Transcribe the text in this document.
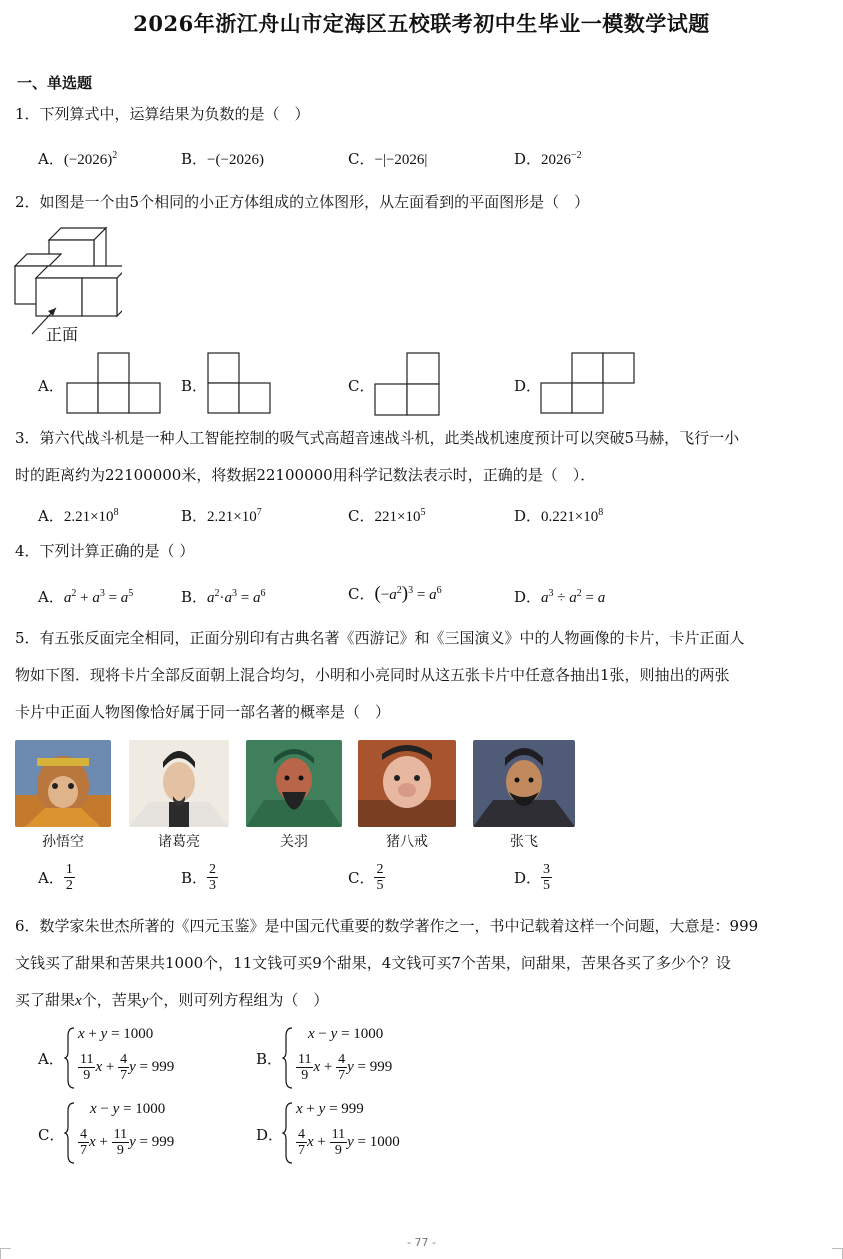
2026年浙江舟山市定海区五校联考初中生毕业一模数学试题
一、单选题
1．下列算式中，运算结果为负数的是（　）
A．$(-2026)^2$	B．−(−2026)	C．−|−2026|	D．$2026^{-2}$
2．如图是一个由5个相同的小正方体组成的立体图形，从左面看到的平面图形是（　）
正面
A．	B．	C．	D．
3．第六代战斗机是一种人工智能控制的吸气式高超音速战斗机，此类战机速度预计可以突破5马赫，飞行一小
时的距离约为22100000米，将数据22100000用科学记数法表示时，正确的是（　）．
A．$2.21\times 10^8$	B．$2.21\times 10^7$	C．$221\times 10^5$	D．$0.221\times 10^8$
4．下列计算正确的是（ ）
A．$a^2 + a^3 = a^5$	B．$a^2\cdot a^3 = a^6$	C．$(-a^2)^3 = a^6$	D．$a^3 \div a^2 = a$
5．有五张反面完全相同，正面分别印有古典名著《西游记》和《三国演义》中的人物画像的卡片，卡片正面人
物如下图．现将卡片全部反面朝上混合均匀，小明和小亮同时从这五张卡片中任意各抽出1张，则抽出的两张
卡片中正面人物图像恰好属于同一部名著的概率是（　）
孙悟空	诸葛亮	关羽	猪八戒	张飞
A． $\frac{1}{2}$	B． $\frac{2}{3}$	C． $\frac{2}{5}$	D． $\frac{3}{5}$
6．数学家朱世杰所著的《四元玉鉴》是中国元代重要的数学著作之一，书中记载着这样一个问题，大意是：999
文钱买了甜果和苦果共1000个，11文钱可买9个甜果，4文钱可买7个苦果，问甜果，苦果各买了多少个？设
买了甜果x个，苦果y个，则可列方程组为（　）
A．
x + y = 1000
$\frac{11}{9}$ $x + \frac{4}{7}$ y = 999	B．
x − y = 1000
$\frac{11}{9}$ $x + \frac{4}{7}$ y = 999
C．
x − y = 1000
$\frac{4}{7}$ $x + \frac{11}{9}$ y = 999	D．
x + y = 999
$\frac{4}{7}$ $x + \frac{11}{9}$ y = 1000
- 77 -
